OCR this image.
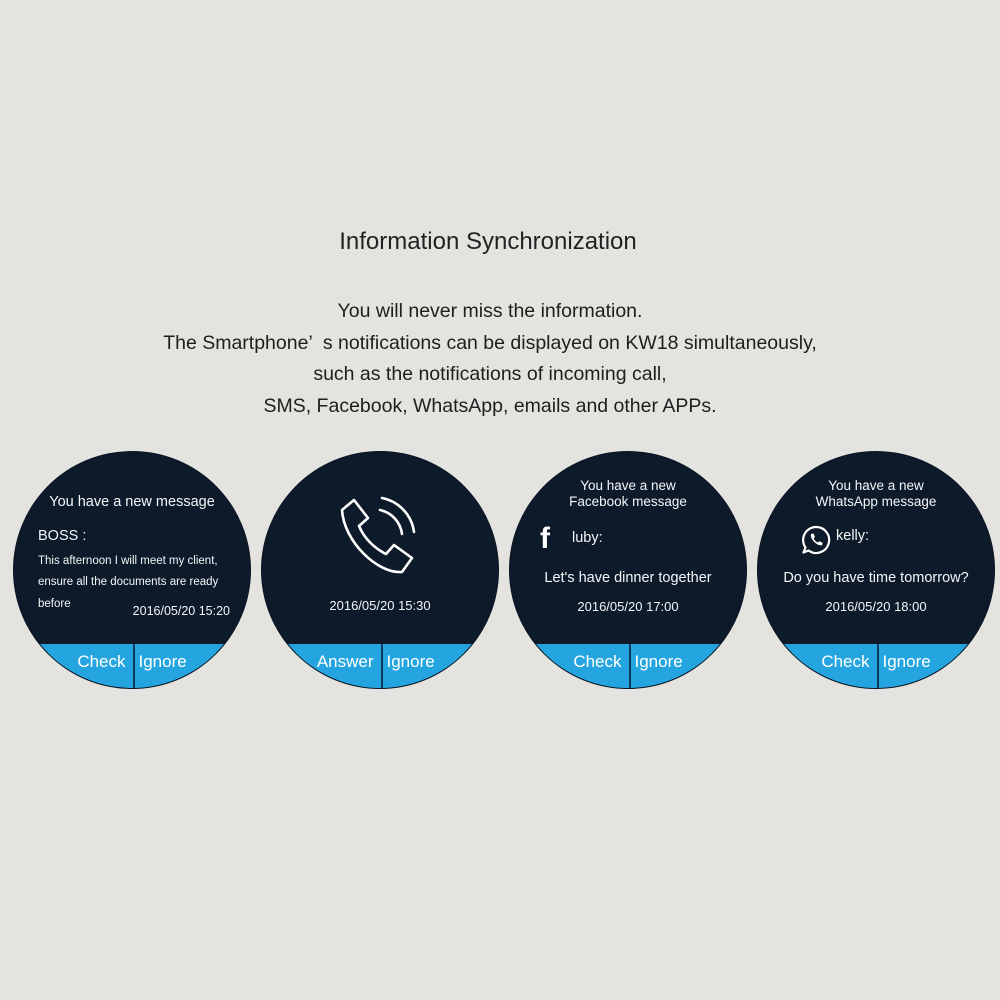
Information Synchronization
You will never miss the information.
The Smartphone’  s notifications can be displayed on KW18 simultaneously,
such as the notifications of incoming call,
SMS, Facebook, WhatsApp, emails and other APPs.
You have a new message
BOSS :
This afternoon I will meet my client,
ensure all the documents are ready
before	2016/05/20 15:20
Check Ignore
2016/05/20 15:30
Answer Ignore
You have a new
Facebook message
f luby:
Let's have dinner together
2016/05/20 17:00
Check Ignore
You have a new
WhatsApp message
kelly:
Do you have time tomorrow?
2016/05/20 18:00
Check Ignore
